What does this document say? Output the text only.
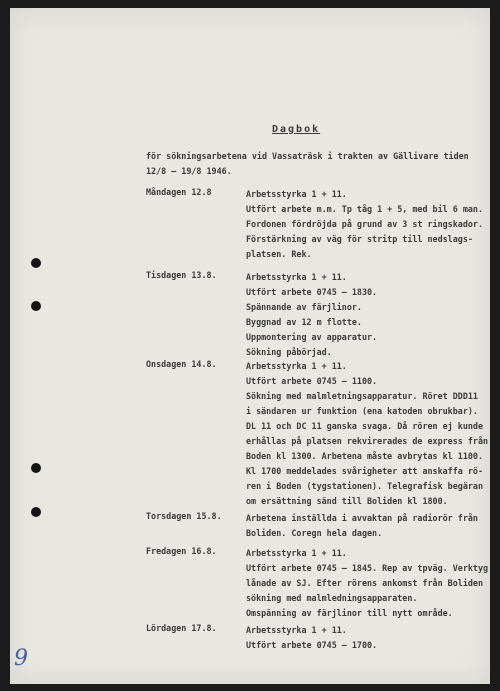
Dagbok
för sökningsarbetena vid Vassaträsk i trakten av Gällivare tiden 12/8 – 19/8 1946.
Måndagen 12.8	Arbetsstyrka 1 + 11.
Utfört arbete m.m. Tp tåg 1 + 5, med bil 6 man.
Fordonen fördröjda på grund av 3 st ringskador.
Förstärkning av väg för stritp till nedslags-
platsen. Rek.
Tisdagen 13.8.	Arbetsstyrka 1 + 11.
Utfört arbete 0745 – 1830.
Spännande av färjlinor.
Byggnad av 12 m flotte.
Uppmontering av apparatur.
Sökning påbörjad.
Onsdagen 14.8.	Arbetsstyrka 1 + 11.
Utfört arbete 0745 – 1100.
Sökning med malmletningsapparatur. Röret DDD11
i sändaren ur funktion (ena katoden obrukbar).
DL 11 och DC 11 ganska svaga. Då rören ej kunde
erhållas på platsen rekvirerades de express från
Boden kl 1300. Arbetena måste avbrytas kl 1100.
Kl 1700 meddelades svårigheter att anskaffa rö-
ren i Boden (tygstationen). Telegrafisk begäran
om ersättning sänd till Boliden kl 1800.
Torsdagen 15.8.	Arbetena inställda i avvaktan på radiorör från
Boliden. Coregn hela dagen.
Fredagen 16.8.	Arbetsstyrka 1 + 11.
Utfört arbete 0745 – 1845. Rep av tpväg. Verktyg
lånade av SJ. Efter rörens ankomst från Boliden
sökning med malmledningsapparaten.
Omspänning av färjlinor till nytt område.
Lördagen 17.8.	Arbetsstyrka 1 + 11.
Utfört arbete 0745 – 1700.
9
